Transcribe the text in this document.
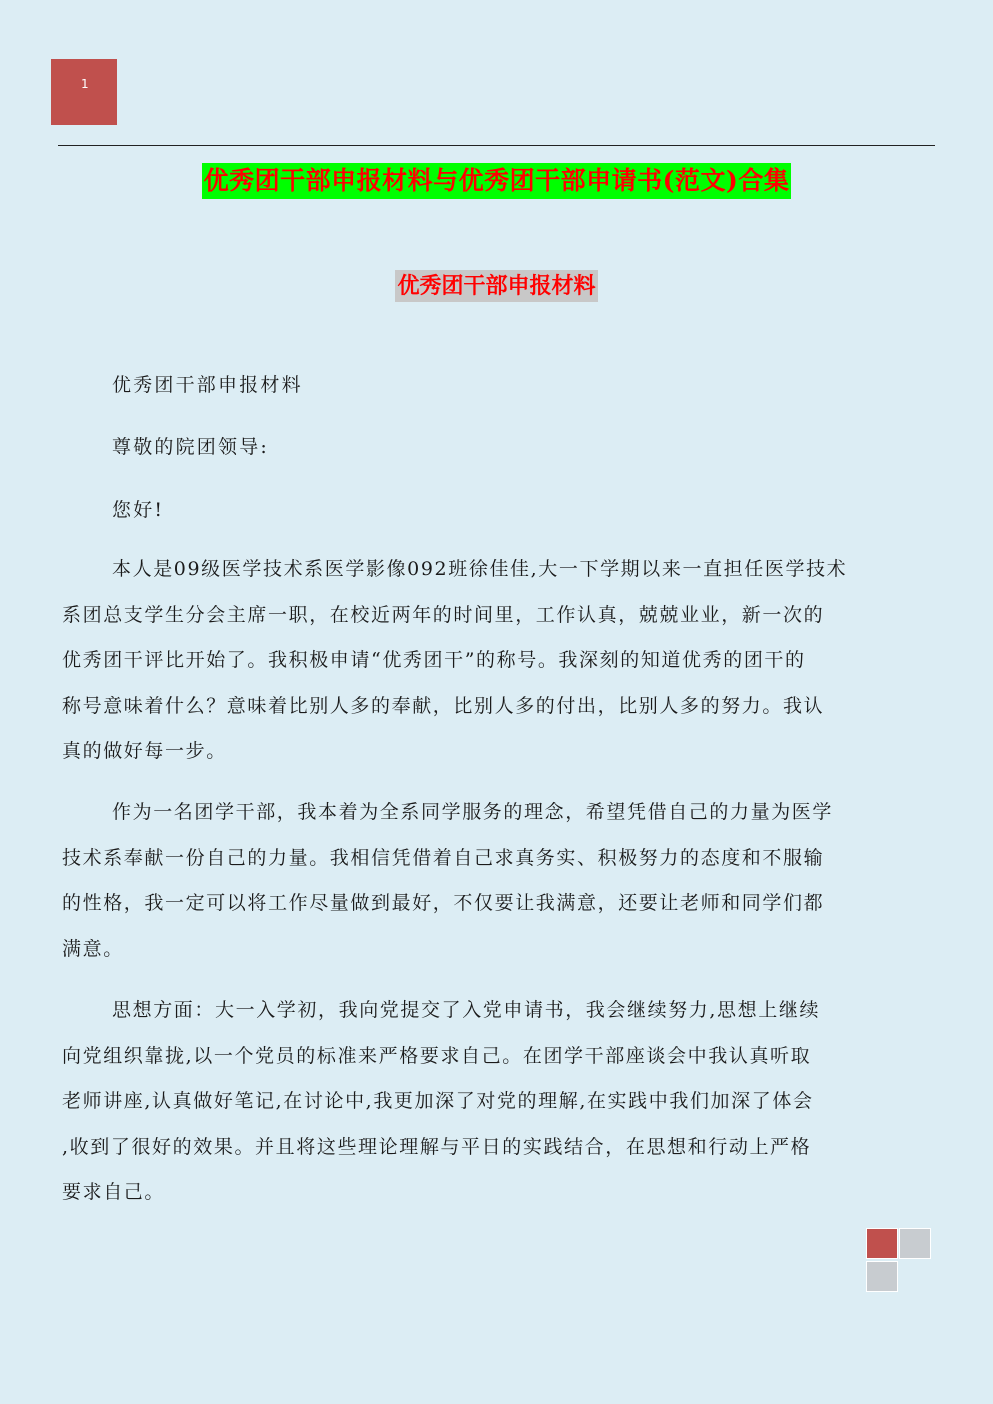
1
优秀团干部申报材料与优秀团干部申请书(范文)合集
优秀团干部申报材料

优秀团干部申报材料

尊敬的院团领导:

您好!

本人是09级医学技术系医学影像092班徐佳佳,大一下学期以来一直担任医学技术
系团总支学生分会主席一职，在校近两年的时间里，工作认真，兢兢业业，新一次的
优秀团干评比开始了。我积极申请“优秀团干”的称号。我深刻的知道优秀的团干的
称号意味着什么？意味着比别人多的奉献，比别人多的付出，比别人多的努力。我认
真的做好每一步。
作为一名团学干部，我本着为全系同学服务的理念，希望凭借自己的力量为医学
技术系奉献一份自己的力量。我相信凭借着自己求真务实、积极努力的态度和不服输
的性格，我一定可以将工作尽量做到最好，不仅要让我满意，还要让老师和同学们都
满意。
思想方面：大一入学初，我向党提交了入党申请书，我会继续努力,思想上继续
向党组织靠拢,以一个党员的标准来严格要求自己。在团学干部座谈会中我认真听取
老师讲座,认真做好笔记,在讨论中,我更加深了对党的理解,在实践中我们加深了体会
,收到了很好的效果。并且将这些理论理解与平日的实践结合，在思想和行动上严格
要求自己。
